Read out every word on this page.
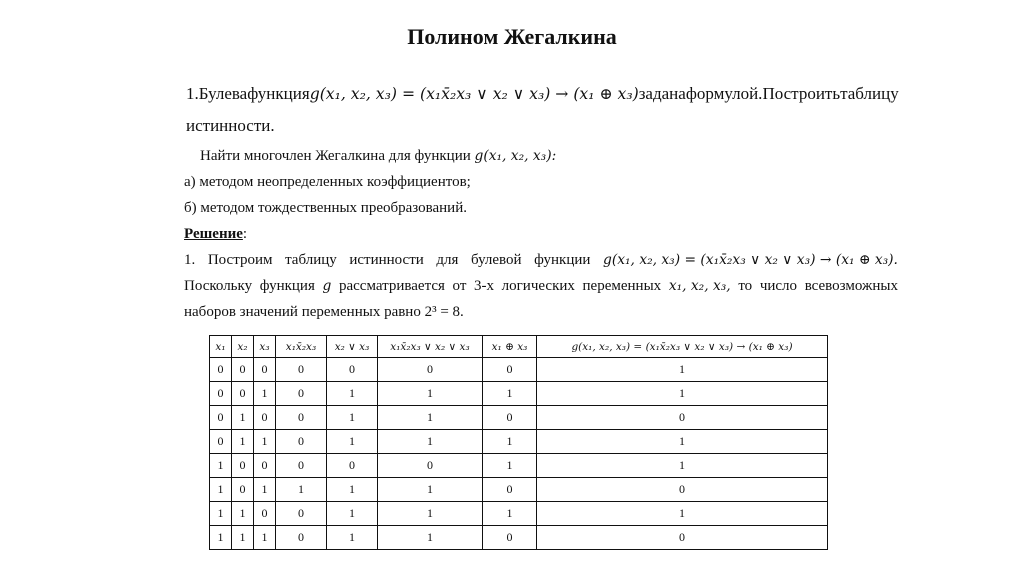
Полином Жегалкина
1. Булева функция g(x₁, x₂, x₃) = (x₁x̄₂x₃ ∨ x₂ ∨ x₃) → (x₁ ⊕ x₃) задана формулой. Построить таблицу
истинности.

Найти многочлен Жегалкина для функции g(x₁, x₂, x₃):

а) методом неопределенных коэффициентов;

б) методом тождественных преобразований.

Решение:

1. Построим таблицу истинности для булевой функции g(x₁, x₂, x₃) = (x₁x̄₂x₃ ∨ x₂ ∨ x₃) → (x₁ ⊕ x₃).
Поскольку функция g рассматривается от 3-х логических переменных x₁, x₂, x₃, то число всевозможных

наборов значений переменных равно 2³ = 8.

x₁	x₂	x₃	x₁x̄₂x₃	x₂ ∨ x₃	x₁x̄₂x₃ ∨ x₂ ∨ x₃	x₁ ⊕ x₃	g(x₁, x₂, x₃) = (x₁x̄₂x₃ ∨ x₂ ∨ x₃) → (x₁ ⊕ x₃)
0	0	0	0	0	0	0	1
0	0	1	0	1	1	1	1
0	1	0	0	1	1	0	0
0	1	1	0	1	1	1	1
1	0	0	0	0	0	1	1
1	0	1	1	1	1	0	0
1	1	0	0	1	1	1	1
1	1	1	0	1	1	0	0
